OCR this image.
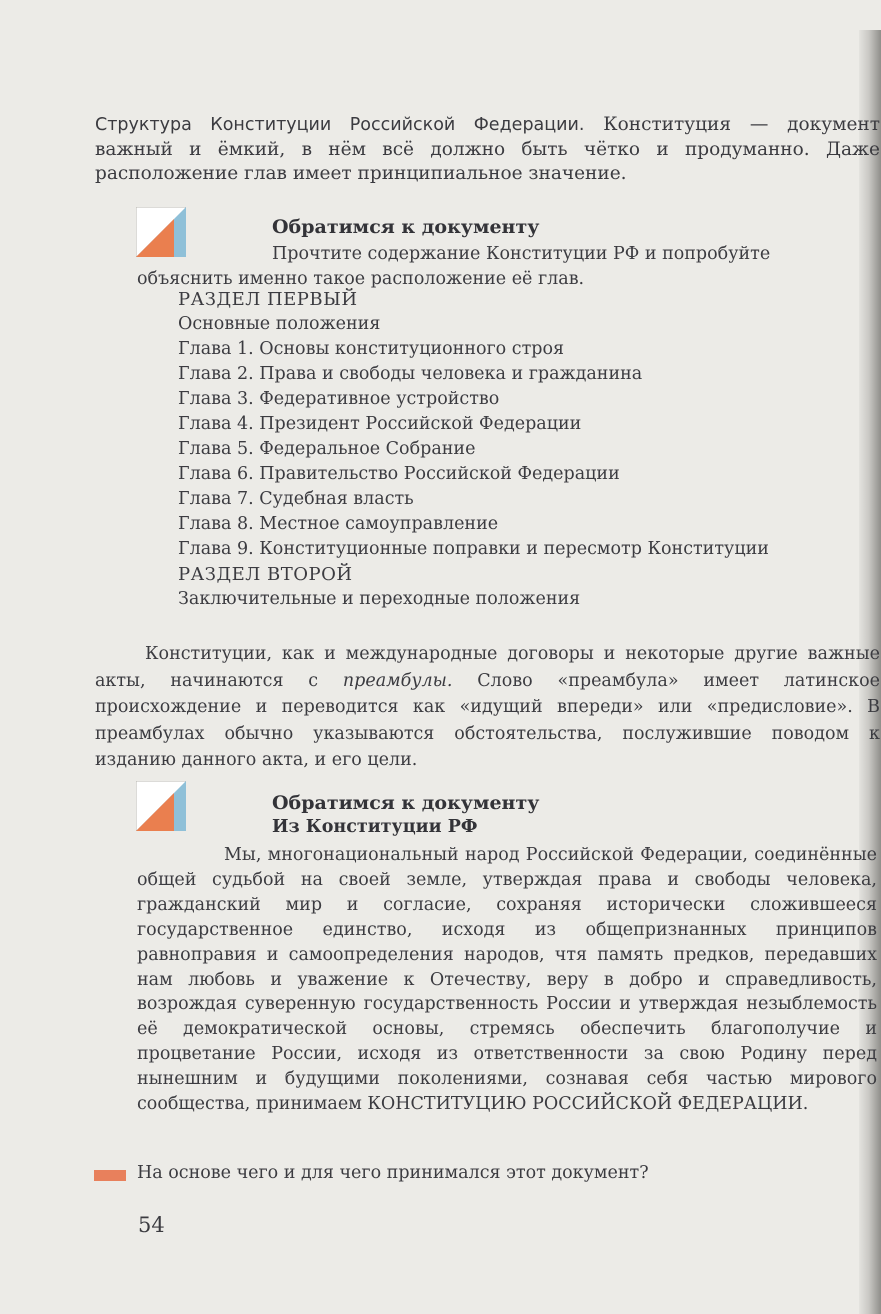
Структура Конституции Российской Федерации. Конституция — документ важный и ёмкий, в нём всё должно быть чётко и продуманно. Даже расположение глав имеет принципиальное значение.

Обратимся к документу

Прочтите содержание Конституции РФ и попробуйте объяснить именно такое расположение её глав.

РАЗДЕЛ ПЕРВЫЙ
Основные положения
Глава 1. Основы конституционного строя
Глава 2. Права и свободы человека и гражданина
Глава 3. Федеративное устройство
Глава 4. Президент Российской Федерации
Глава 5. Федеральное Собрание
Глава 6. Правительство Российской Федерации
Глава 7. Судебная власть
Глава 8. Местное самоуправление
Глава 9. Конституционные поправки и пересмотр Конституции
РАЗДЕЛ ВТОРОЙ
Заключительные и переходные положения

Конституции, как и международные договоры и некоторые другие важные акты, начинаются с преамбулы. Слово «преамбула» имеет латинское происхождение и переводится как «идущий впереди» или «предисловие». В преамбулах обычно указываются обстоятельства, послужившие поводом к изданию данного акта, и его цели.

Обратимся к документу
Из Конституции РФ

Мы, многонациональный народ Российской Федерации, соединённые общей судьбой на своей земле, утверждая права и свободы человека, гражданский мир и согласие, сохраняя исторически сложившееся государственное единство, исходя из общепризнанных принципов равноправия и самоопределения народов, чтя память предков, передавших нам любовь и уважение к Отечеству, веру в добро и справедливость, возрождая суверенную государственность России и утверждая незыблемость её демократической основы, стремясь обеспечить благополучие и процветание России, исходя из ответственности за свою Родину перед нынешним и будущими поколениями, сознавая себя частью мирового сообщества, принимаем КОНСТИТУЦИЮ РОССИЙСКОЙ ФЕДЕРАЦИИ.

На основе чего и для чего принимался этот документ?

54
